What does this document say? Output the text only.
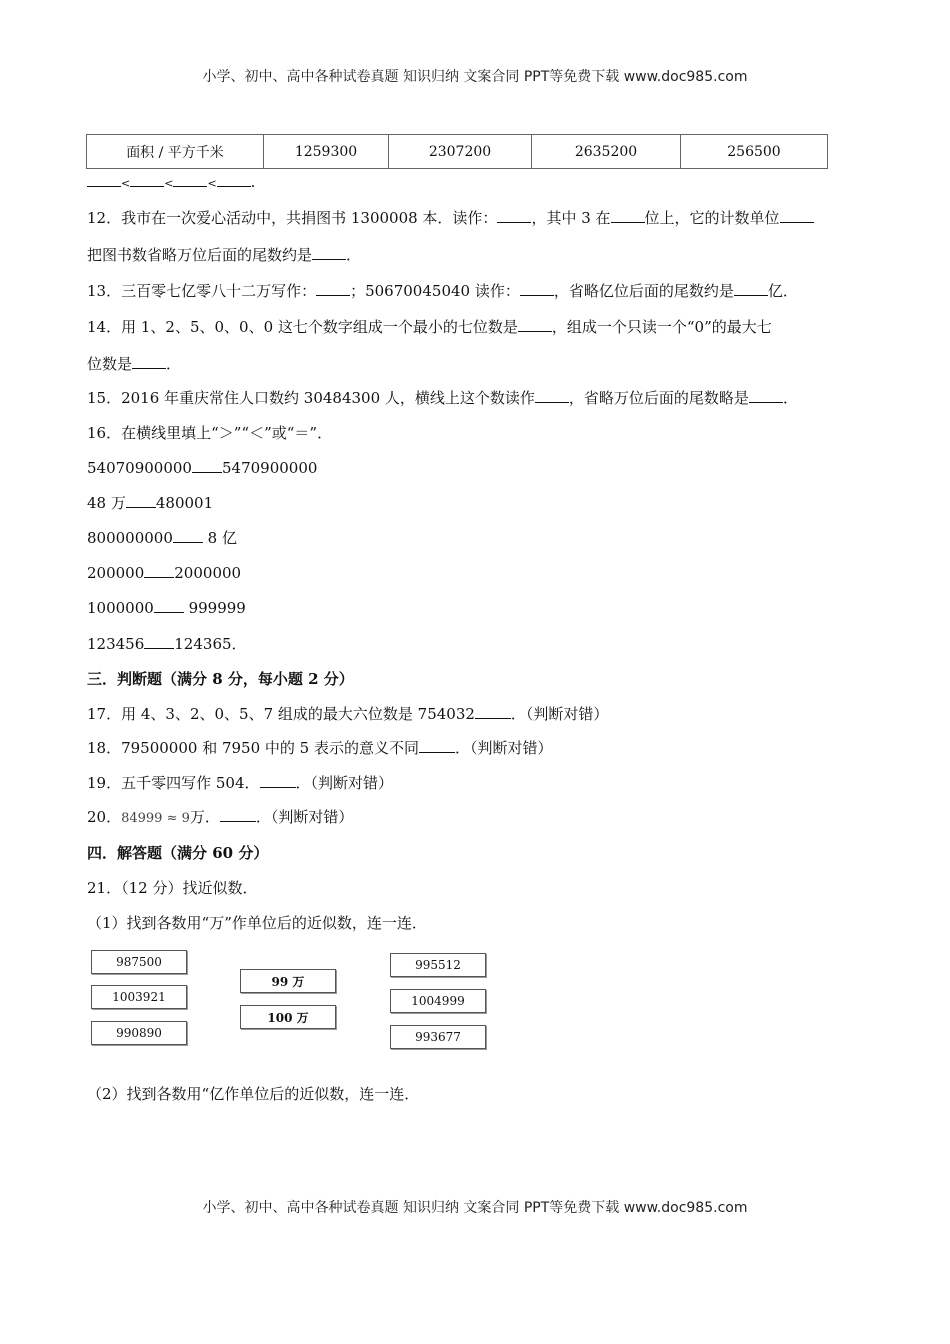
小学、初中、高中各种试卷真题 知识归纳 文案合同 PPT等免费下载 www.doc985.com
面积 / 平方千米	1259300	2307200	2635200	256500
<	<	< .
12．我市在一次爱心活动中，共捐图书 1300008 本．读作： ，其中 3 在 位上，它的计数单位
把图书数省略万位后面的尾数约是 ．
13．三百零七亿零八十二万写作： ；50670045040 读作： ，省略亿位后面的尾数约是 亿．
14．用 1、2、5、0、0、0 这七个数字组成一个最小的七位数是 ，组成一个只读一个“0”的最大七
位数是 ．
15．2016 年重庆常住人口数约 30484300 人，横线上这个数读作 ，省略万位后面的尾数略是 ．
16．在横线里填上“＞”“＜”或“＝”．
54070900000 5470900000
48 万 480001
800000000 8 亿
200000 2000000
1000000 999999
123456 124365．
三．判断题（满分 8 分，每小题 2 分）
17．用 4、3、2、0、5、7 组成的最大六位数是 754032 ．（判断对错）
18．79500000 和 7950 中的 5 表示的意义不同 ．（判断对错）
19．五千零四写作 504． ．（判断对错）
20．84999 ≈ 9万． ．（判断对错）
四．解答题（满分 60 分）
21．（12 分）找近似数．
（1）找到各数用“万”作单位后的近似数，连一连．
987500
1003921
990890
99 万
100 万
995512
1004999
993677
（2）找到各数用“亿作单位后的近似数，连一连．
小学、初中、高中各种试卷真题 知识归纳 文案合同 PPT等免费下载 www.doc985.com
